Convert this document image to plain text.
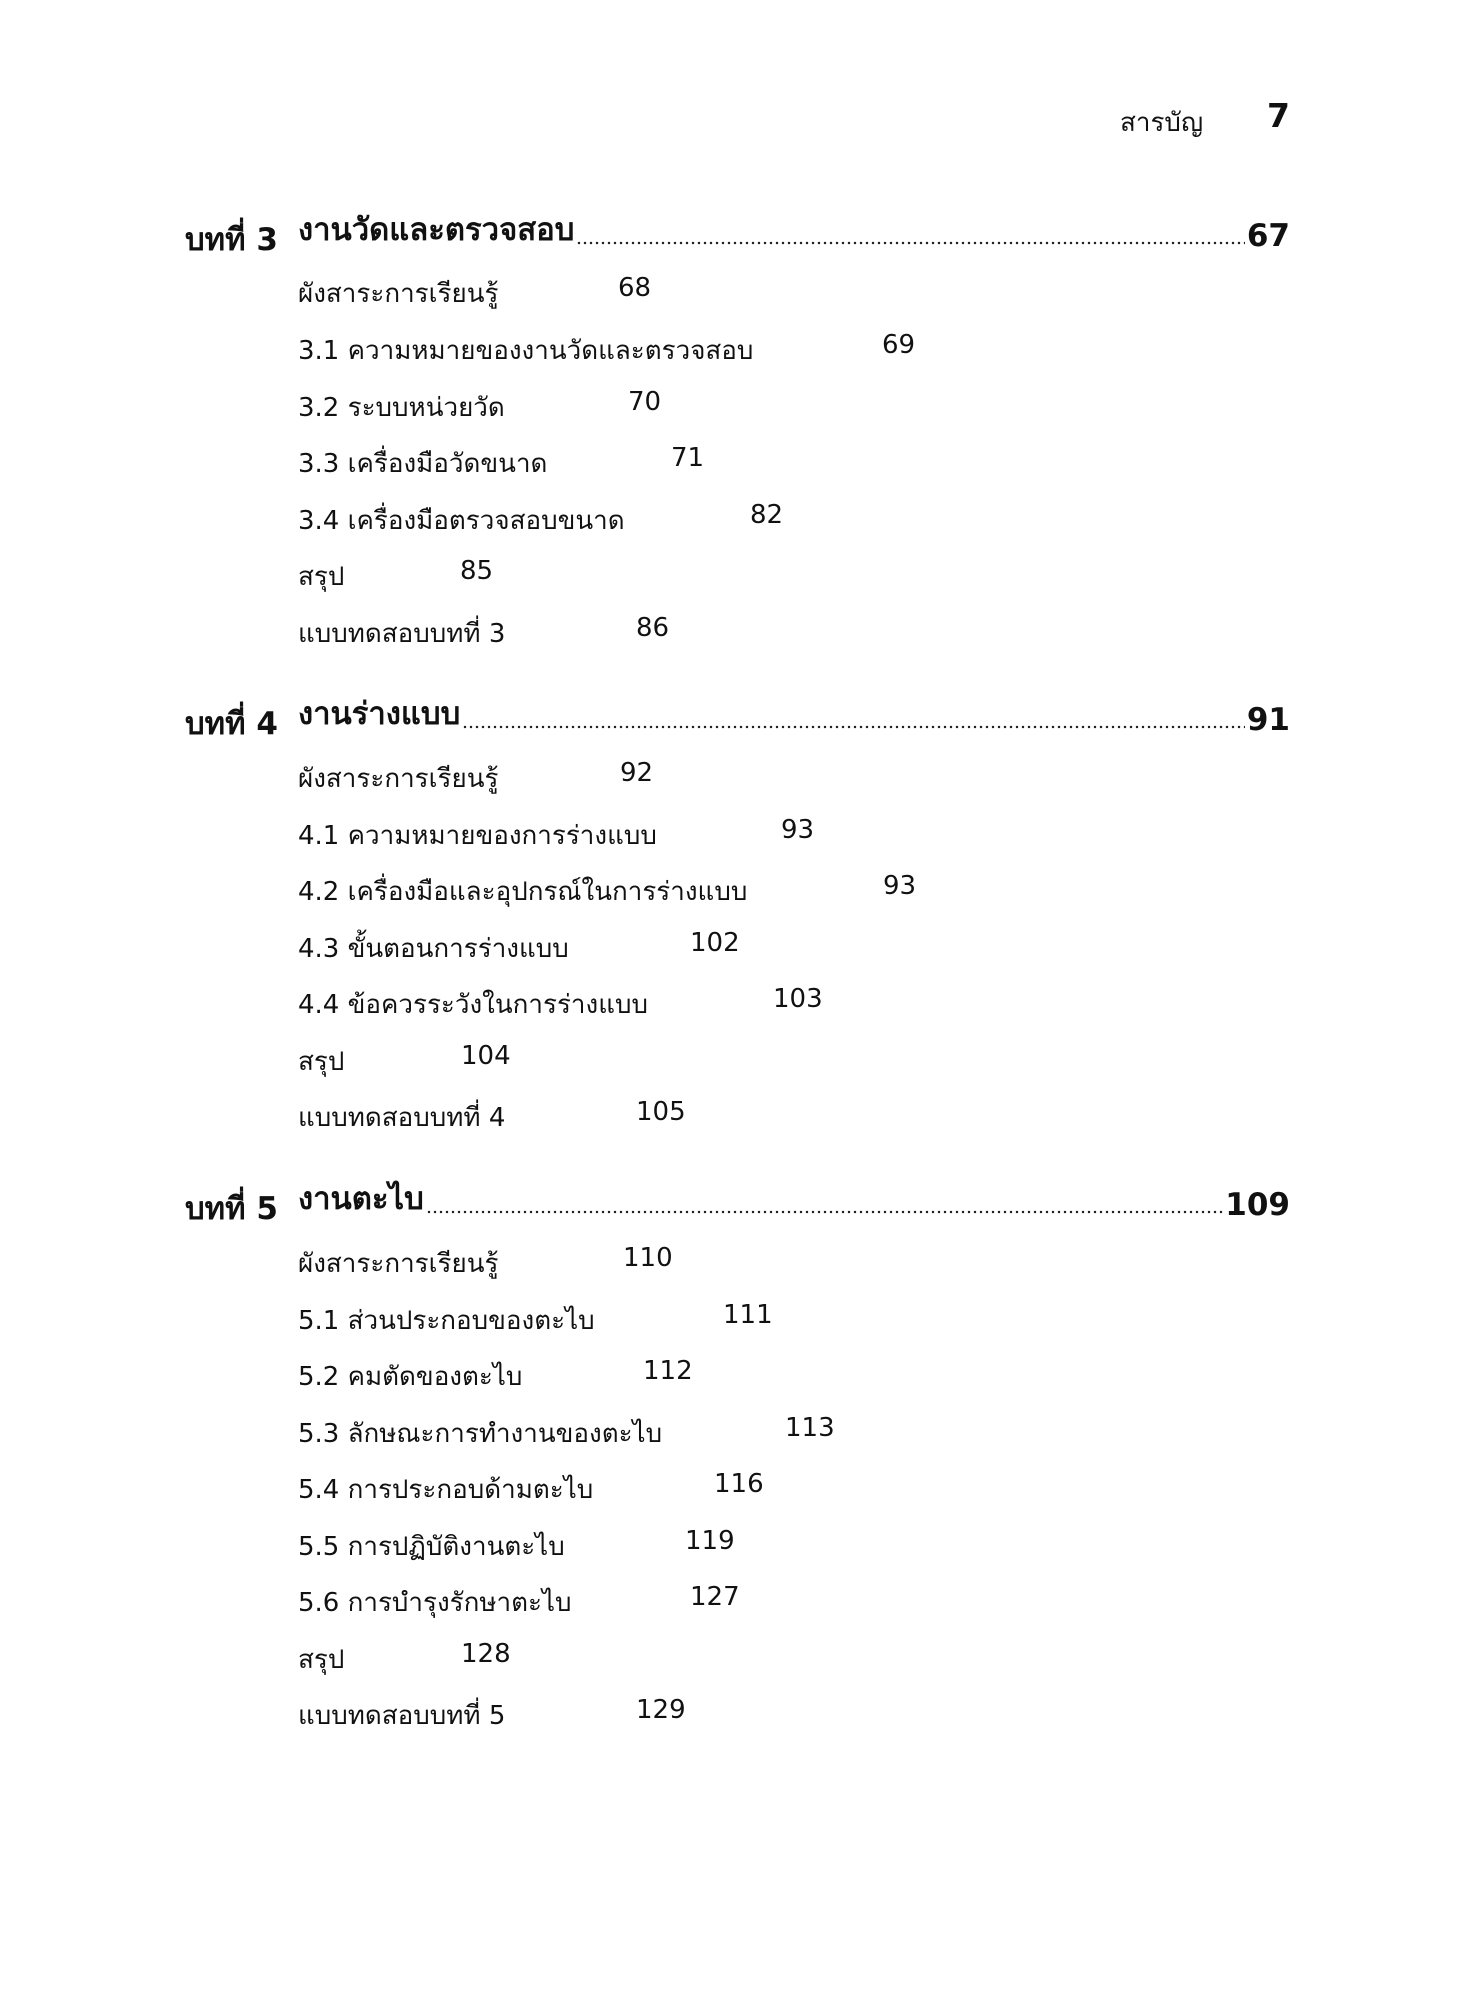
สารบัญ 7
บทที่ 3 งานวัดและตรวจสอบ	67
ผังสาระการเรียนรู้	68
3.1 ความหมายของงานวัดและตรวจสอบ	69
3.2 ระบบหน่วยวัด	70
3.3 เครื่องมือวัดขนาด	71
3.4 เครื่องมือตรวจสอบขนาด	82
สรุป	85
แบบทดสอบบทที่ 3	86
บทที่ 4 งานร่างแบบ	91
ผังสาระการเรียนรู้	92
4.1 ความหมายของการร่างแบบ	93
4.2 เครื่องมือและอุปกรณ์ในการร่างแบบ	93
4.3 ขั้นตอนการร่างแบบ	102
4.4 ข้อควรระวังในการร่างแบบ	103
สรุป	104
แบบทดสอบบทที่ 4	105
บทที่ 5 งานตะไบ	109
ผังสาระการเรียนรู้	110
5.1 ส่วนประกอบของตะไบ	111
5.2 คมตัดของตะไบ	112
5.3 ลักษณะการทำงานของตะไบ	113
5.4 การประกอบด้ามตะไบ	116
5.5 การปฏิบัติงานตะไบ	119
5.6 การบำรุงรักษาตะไบ	127
สรุป	128
แบบทดสอบบทที่ 5	129
